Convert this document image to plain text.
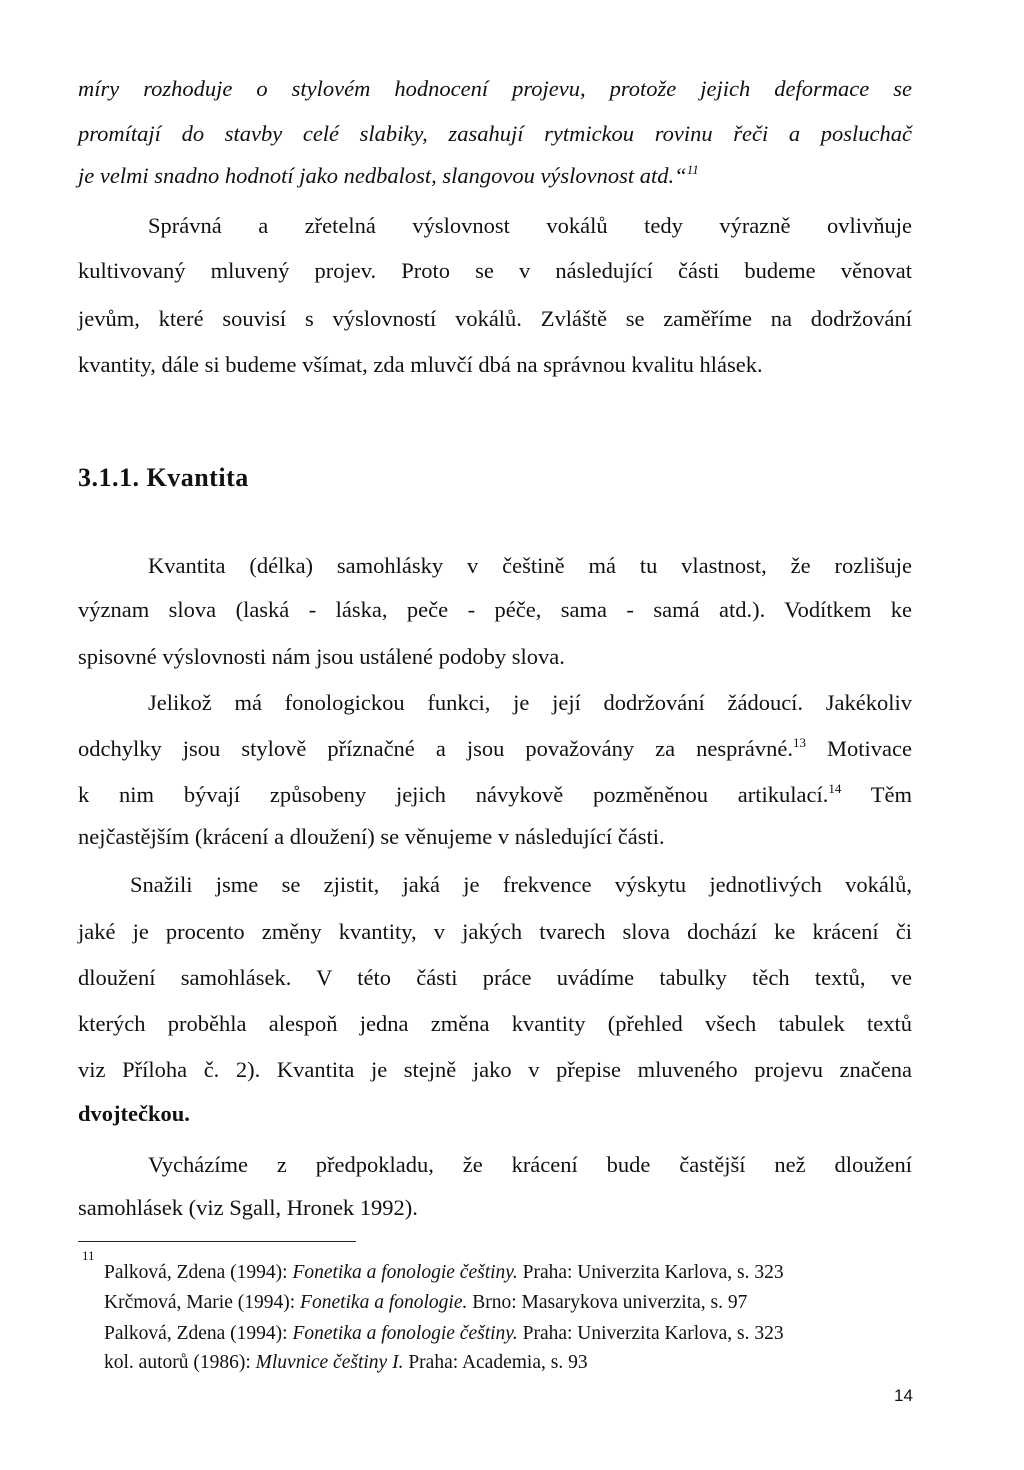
míry rozhoduje o stylovém hodnocení projevu, protože jejich deformace se
promítají do stavby celé slabiky, zasahují rytmickou rovinu řeči a posluchač
je velmi snadno hodnotí jako nedbalost, slangovou výslovnost atd.“$^{11}$
Správná a zřetelná výslovnost vokálů tedy výrazně ovlivňuje
kultivovaný mluvený projev. Proto se v následující části budeme věnovat
jevům, které souvisí s výslovností vokálů. Zvláště se zaměříme na dodržování
kvantity, dále si budeme všímat, zda mluvčí dbá na správnou kvalitu hlásek.
3.1.1. Kvantita
Kvantita (délka) samohlásky v češtině má tu vlastnost, že rozlišuje
význam slova (laská - láska, peče - péče, sama - samá atd.). Vodítkem ke
spisovné výslovnosti nám jsou ustálené podoby slova.
Jelikož má fonologickou funkci, je její dodržování žádoucí. Jakékoliv
odchylky jsou stylově příznačné a jsou považovány za nesprávné.$^{13}$ Motivace
k nim bývají způsobeny jejich návykově pozměněnou artikulací.$^{14}$ Těm
nejčastějším (krácení a dloužení) se věnujeme v následující části.
Snažili jsme se zjistit, jaká je frekvence výskytu jednotlivých vokálů,
jaké je procento změny kvantity, v jakých tvarech slova dochází ke krácení či
dloužení samohlásek. V této části práce uvádíme tabulky těch textů, ve
kterých proběhla alespoň jedna změna kvantity (přehled všech tabulek textů
viz Příloha č. 2). Kvantita je stejně jako v přepise mluveného projevu značena
dvojtečkou.
Vycházíme z předpokladu, že krácení bude častější než dloužení
samohlásek (viz Sgall, Hronek 1992).
11
Palková, Zdena (1994): Fonetika a fonologie češtiny. Praha: Univerzita Karlova, s. 323
Krčmová, Marie (1994): Fonetika a fonologie. Brno: Masarykova univerzita, s. 97
Palková, Zdena (1994): Fonetika a fonologie češtiny. Praha: Univerzita Karlova, s. 323
kol. autorů (1986): Mluvnice češtiny I. Praha: Academia, s. 93
14
